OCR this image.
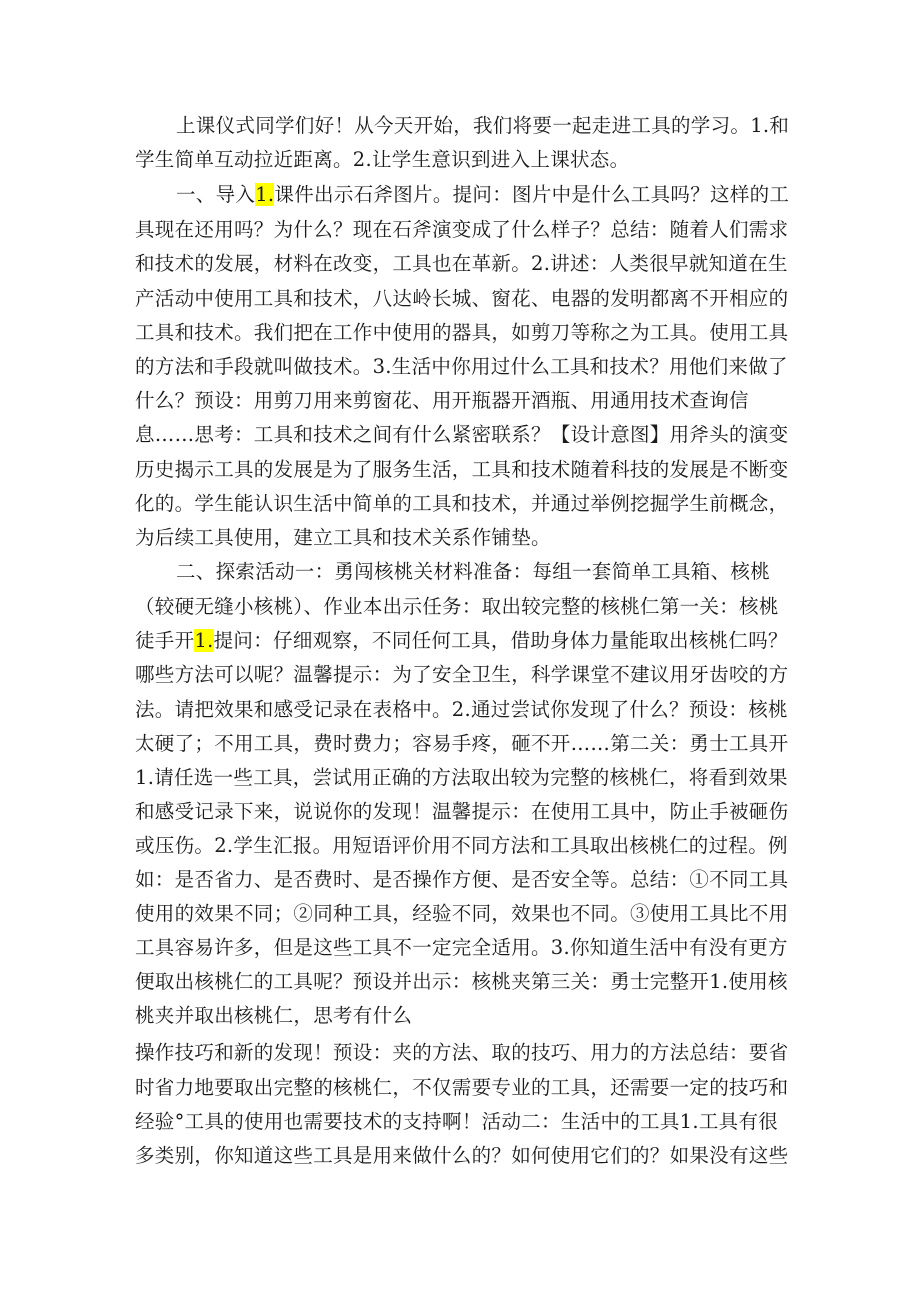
上课仪式同学们好！从今天开始，我们将要一起走进工具的学习。1.和
学生简单互动拉近距离。2.让学生意识到进入上课状态。
一、导入1.课件出示石斧图片。提问：图片中是什么工具吗？这样的工
具现在还用吗？为什么？现在石斧演变成了什么样子？总结：随着人们需求
和技术的发展，材料在改变，工具也在革新。2.讲述：人类很早就知道在生
产活动中使用工具和技术，八达岭长城、窗花、电器的发明都离不开相应的
工具和技术。我们把在工作中使用的器具，如剪刀等称之为工具。使用工具
的方法和手段就叫做技术。3.生活中你用过什么工具和技术？用他们来做了
什么？预设：用剪刀用来剪窗花、用开瓶器开酒瓶、用通用技术查询信
息……思考：工具和技术之间有什么紧密联系？【设计意图】用斧头的演变
历史揭示工具的发展是为了服务生活，工具和技术随着科技的发展是不断变
化的。学生能认识生活中简单的工具和技术，并通过举例挖掘学生前概念，
为后续工具使用，建立工具和技术关系作铺垫。
二、探索活动一：勇闯核桃关材料准备：每组一套简单工具箱、核桃
（较硬无缝小核桃）、作业本出示任务：取出较完整的核桃仁第一关：核桃
徒手开1.提问：仔细观察，不同任何工具，借助身体力量能取出核桃仁吗？
哪些方法可以呢？温馨提示：为了安全卫生，科学课堂不建议用牙齿咬的方
法。请把效果和感受记录在表格中。2.通过尝试你发现了什么？预设：核桃
太硬了；不用工具，费时费力；容易手疼，砸不开……第二关：勇士工具开
1.请任选一些工具，尝试用正确的方法取出较为完整的核桃仁，将看到效果
和感受记录下来，说说你的发现！温馨提示：在使用工具中，防止手被砸伤
或压伤。2.学生汇报。用短语评价用不同方法和工具取出核桃仁的过程。例
如：是否省力、是否费时、是否操作方便、是否安全等。总结：①不同工具
使用的效果不同；②同种工具，经验不同，效果也不同。③使用工具比不用
工具容易许多，但是这些工具不一定完全适用。3.你知道生活中有没有更方
便取出核桃仁的工具呢？预设并出示：核桃夹第三关：勇士完整开1.使用核
桃夹并取出核桃仁，思考有什么
操作技巧和新的发现！预设：夹的方法、取的技巧、用力的方法总结：要省
时省力地要取出完整的核桃仁，不仅需要专业的工具，还需要一定的技巧和
经验°工具的使用也需要技术的支持啊！活动二：生活中的工具1.工具有很
多类别，你知道这些工具是用来做什么的？如何使用它们的？如果没有这些
